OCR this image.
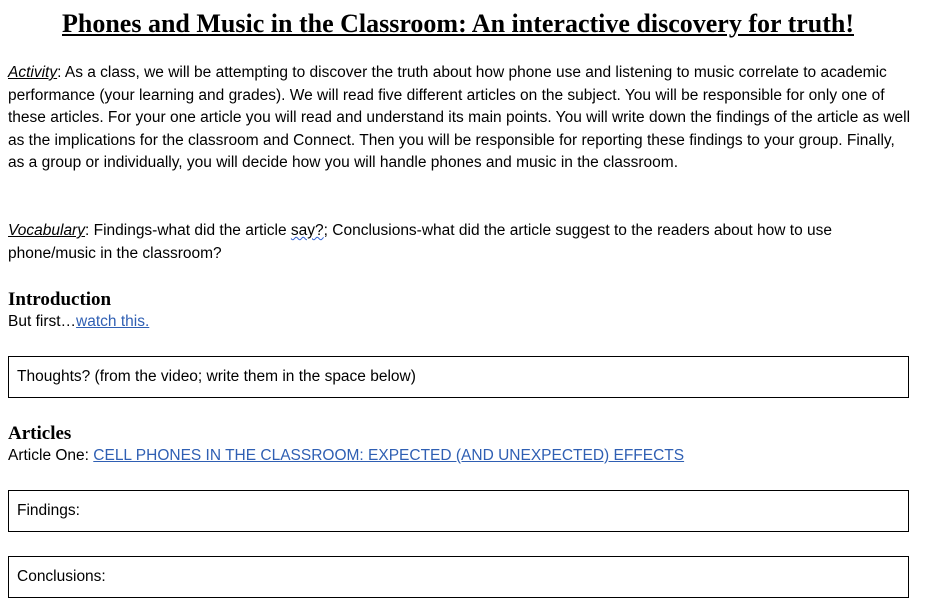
Phones and Music in the Classroom: An interactive discovery for truth!
Activity: As a class, we will be attempting to discover the truth about how phone use and listening to music correlate to academic performance (your learning and grades). We will read five different articles on the subject. You will be responsible for only one of these articles. For your one article you will read and understand its main points. You will write down the findings of the article as well as the implications for the classroom and Connect. Then you will be responsible for reporting these findings to your group. Finally, as a group or individually, you will decide how you will handle phones and music in the classroom.
Vocabulary: Findings-what did the article say?; Conclusions-what did the article suggest to the readers about how to use phone/music in the classroom?
Introduction
But first…watch this.
Thoughts? (from the video; write them in the space below)
Articles
Article One: CELL PHONES IN THE CLASSROOM: EXPECTED (AND UNEXPECTED) EFFECTS
Findings:
Conclusions:
